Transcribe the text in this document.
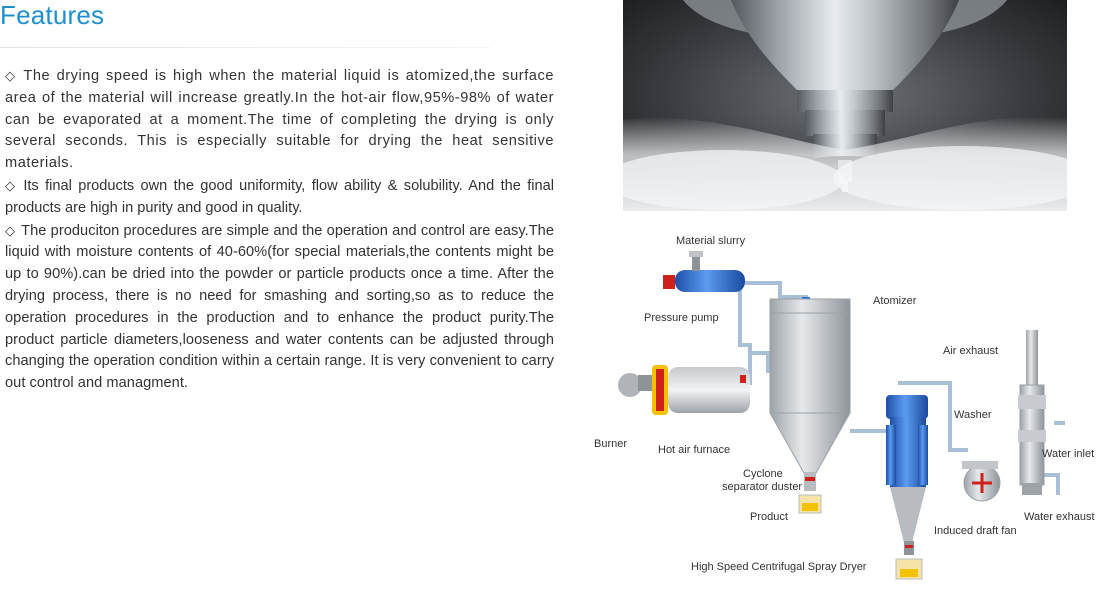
Features

◇ The drying speed is high when the material liquid is atomized,the surface area of the material will increase greatly.In the hot-air flow,95%-98% of water can be evaporated at a moment.The time of completing the drying is only several seconds. This is especially suitable for drying the heat sensitive materials.

◇ Its final products own the good uniformity, flow ability & solubility. And the final products are high in purity and good in quality.

◇ The produciton procedures are simple and the operation and control are easy.The liquid with moisture contents of 40-60%(for special materials,the contents might be up to 90%).can be dried into the powder or particle products once a time. After the drying process, there is no need for smashing and sorting,so as to reduce the operation procedures in the production and to enhance the product purity.The product particle diameters,looseness and water contents can be adjusted through changing the operation condition within a certain range. It is very convenient to carry out control and managment.

Material slurry
Pressure pump
Atomizer
Air exhaust
Washer
Burner	Hot air furnace	Water inlet
Cyclone
separator duster
Product	Water exhaust
Induced draft fan
High Speed Centrifugal Spray Dryer
